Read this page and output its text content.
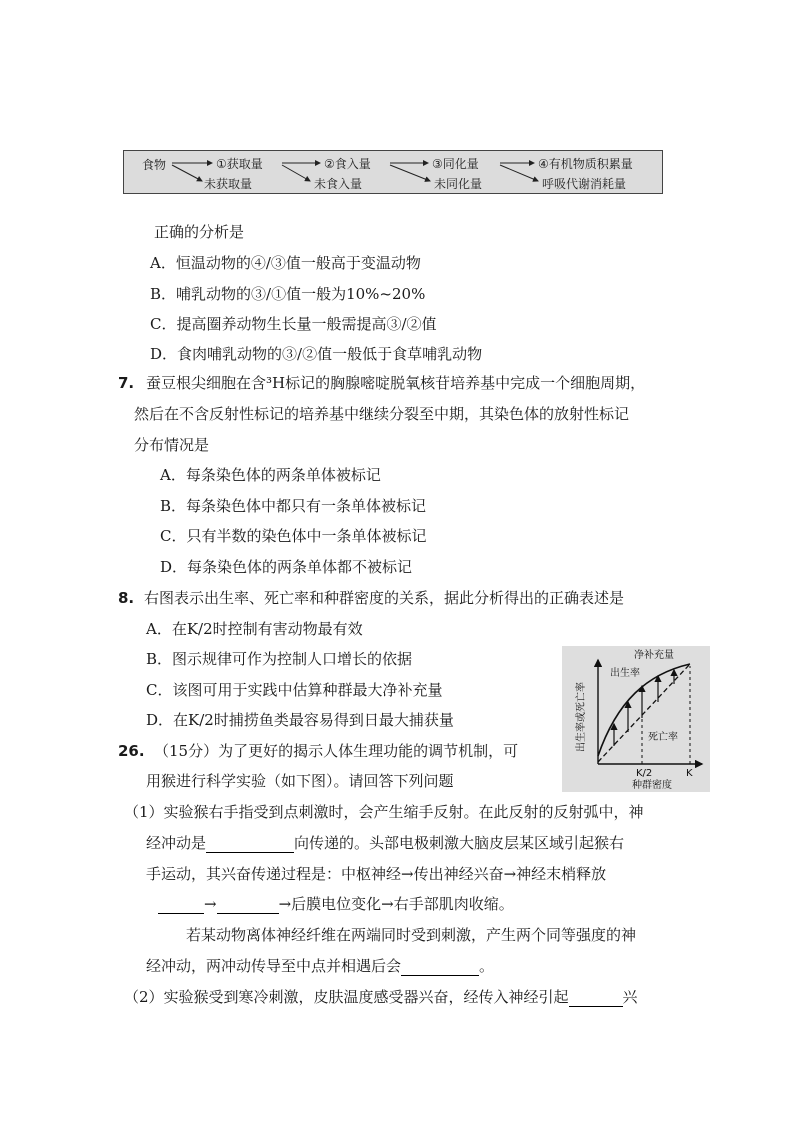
食物	①获取量	②食入量	③同化量	④有机物质积累量
未获取量	未食入量	未同化量	呼吸代谢消耗量
正确的分析是
A．恒温动物的④/③值一般高于变温动物
B．哺乳动物的③/①值一般为10%~20%
C．提高圈养动物生长量一般需提高③/②值
D．食肉哺乳动物的③/②值一般低于食草哺乳动物
7. 蚕豆根尖细胞在含³H标记的胸腺嘧啶脱氧核苷培养基中完成一个细胞周期，
然后在不含反射性标记的培养基中继续分裂至中期，其染色体的放射性标记
分布情况是
A．每条染色体的两条单体被标记
B．每条染色体中都只有一条单体被标记
C．只有半数的染色体中一条单体被标记
D．每条染色体的两条单体都不被标记
8. 右图表示出生率、死亡率和种群密度的关系，据此分析得出的正确表述是
A．在K/2时控制有害动物最有效
B．图示规律可作为控制人口增长的依据
C．该图可用于实践中估算种群最大净补充量
D．在K/2时捕捞鱼类最容易得到日最大捕获量
净补充量
出生率
死亡率
K/2	K
种群密度
出生率或死亡率
26. （15分）为了更好的揭示人体生理功能的调节机制，可
用猴进行科学实验（如下图）。请回答下列问题
（1）实验猴右手指受到点刺激时，会产生缩手反射。在此反射的反射弧中，神
经冲动是	向传递的。头部电极刺激大脑皮层某区域引起猴右
手运动，其兴奋传递过程是：中枢神经→传出神经兴奋→神经末梢释放
→	→后膜电位变化→右手部肌肉收缩。
若某动物离体神经纤维在两端同时受到刺激，产生两个同等强度的神
经冲动，两冲动传导至中点并相遇后会	。
（2）实验猴受到寒冷刺激，皮肤温度感受器兴奋，经传入神经引起	兴
